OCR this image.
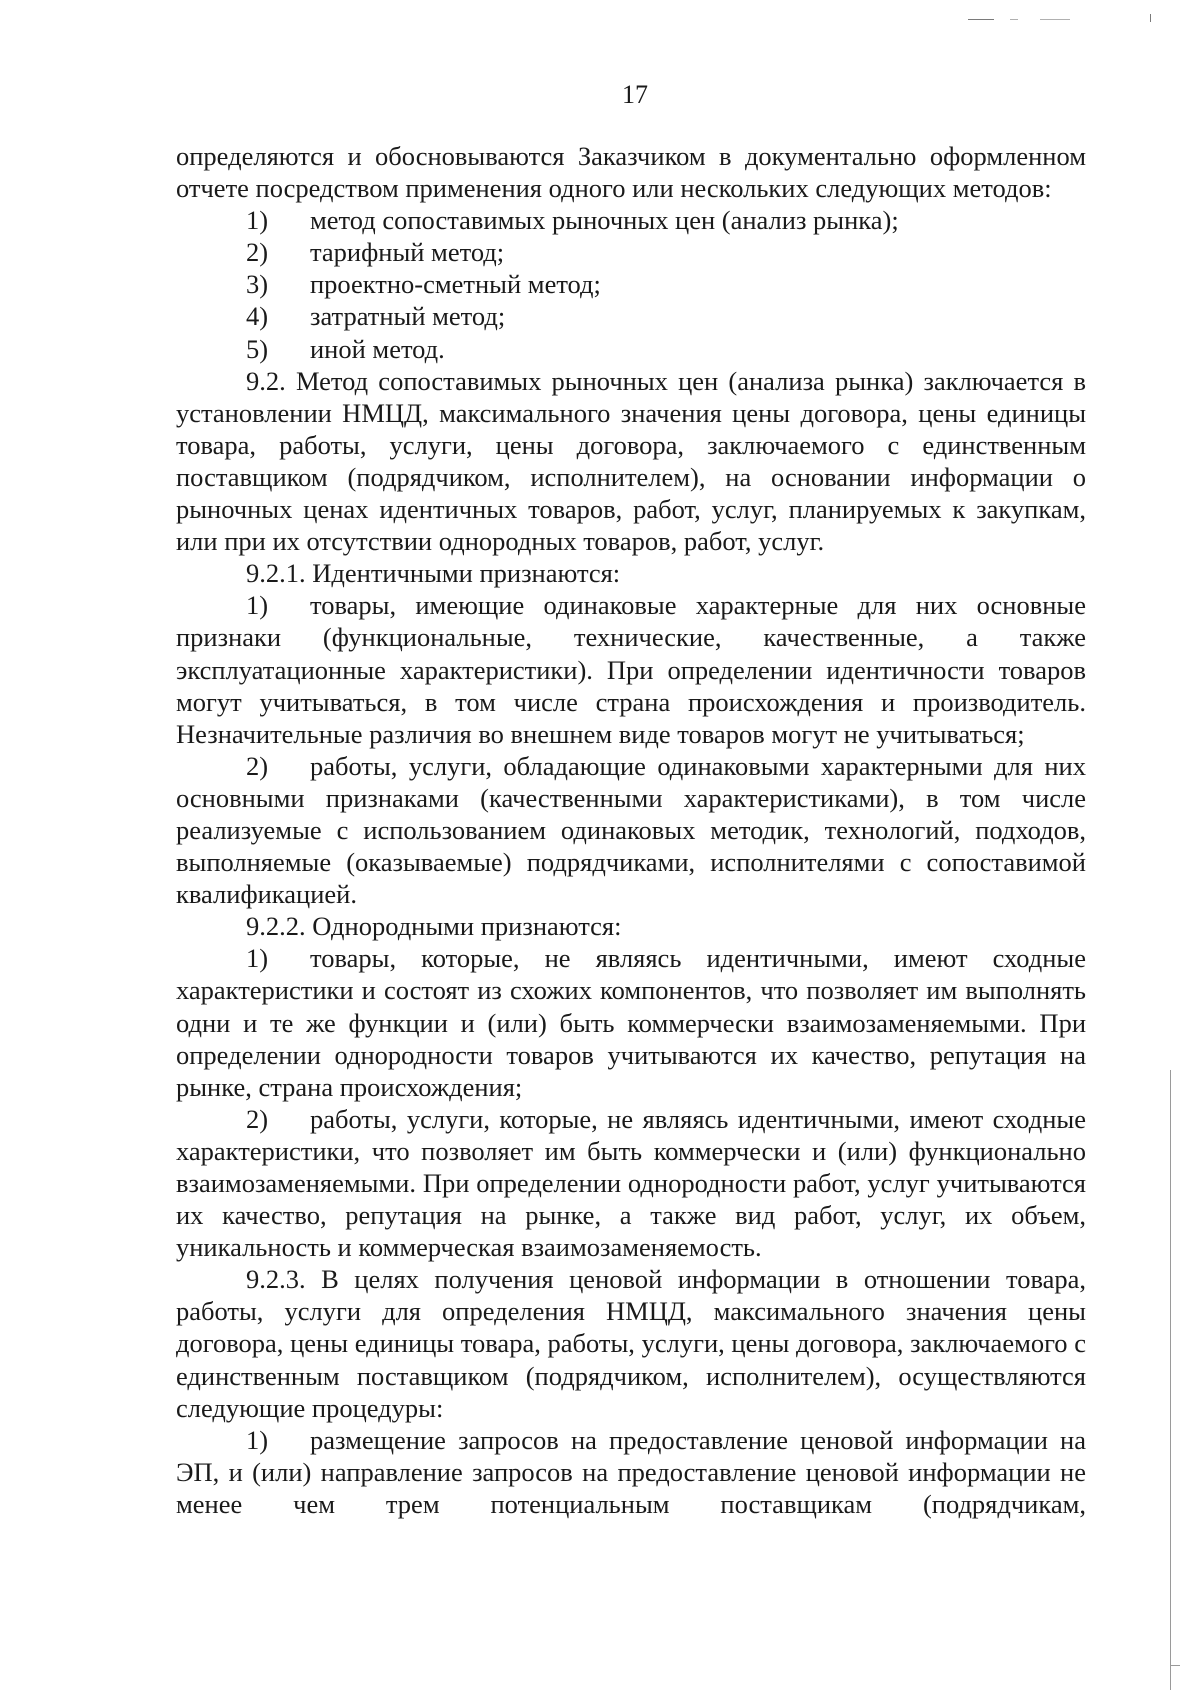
17

определяются и обосновываются Заказчиком в документально оформленном отчете посредством применения одного или нескольких следующих методов:

1) метод сопоставимых рыночных цен (анализ рынка);

2) тарифный метод;

3) проектно-сметный метод;

4) затратный метод;

5) иной метод.

9.2. Метод сопоставимых рыночных цен (анализа рынка) заключается в установлении НМЦД, максимального значения цены договора, цены единицы товара, работы, услуги, цены договора, заключаемого с единственным поставщиком (подрядчиком, исполнителем), на основании информации о рыночных ценах идентичных товаров, работ, услуг, планируемых к закупкам, или при их отсутствии однородных товаров, работ, услуг.

9.2.1. Идентичными признаются:

1) товары, имеющие одинаковые характерные для них основные признаки (функциональные, технические, качественные, а также эксплуатационные характеристики). При определении идентичности товаров могут учитываться, в том числе страна происхождения и производитель. Незначительные различия во внешнем виде товаров могут не учитываться;

2) работы, услуги, обладающие одинаковыми характерными для них основными признаками (качественными характеристиками), в том числе реализуемые с использованием одинаковых методик, технологий, подходов, выполняемые (оказываемые) подрядчиками, исполнителями с сопоставимой квалификацией.

9.2.2. Однородными признаются:

1) товары, которые, не являясь идентичными, имеют сходные характеристики и состоят из схожих компонентов, что позволяет им выполнять одни и те же функции и (или) быть коммерчески взаимозаменяемыми. При определении однородности товаров учитываются их качество, репутация на рынке, страна происхождения;

2) работы, услуги, которые, не являясь идентичными, имеют сходные характеристики, что позволяет им быть коммерчески и (или) функционально взаимозаменяемыми. При определении однородности работ, услуг учитываются их качество, репутация на рынке, а также вид работ, услуг, их объем, уникальность и коммерческая взаимозаменяемость.

9.2.3. В целях получения ценовой информации в отношении товара, работы, услуги для определения НМЦД, максимального значения цены договора, цены единицы товара, работы, услуги, цены договора, заключаемого с единственным поставщиком (подрядчиком, исполнителем), осуществляются следующие процедуры:

1) размещение запросов на предоставление ценовой информации на ЭП, и (или) направление запросов на предоставление ценовой информации не менее чем трем потенциальным поставщикам (подрядчикам,
